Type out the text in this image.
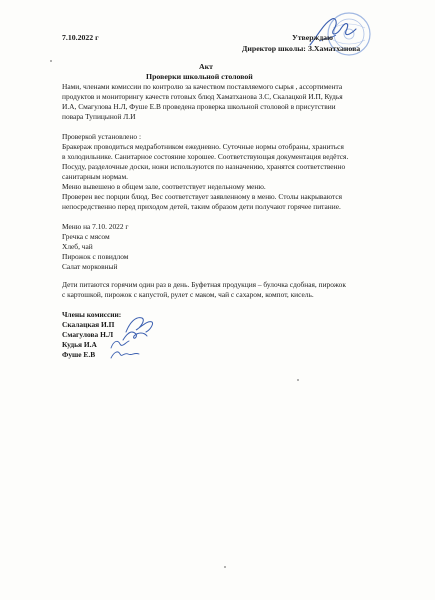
7.10.2022 г	Утверждаю
Директор школы: З.Хаматханова
Акт
Проверки школьной столовой
Нами, членами комиссии по контролю за качеством поставляемого сырья , ассортимента
продуктов и мониторингу качеств готовых блюд Хаматханова З.С, Скалацкой И.П, Кудья
И.А, Смагулова Н.Л, Фуше Е.В проведена проверка школьной столовой в присутствии
повара Тупицыной Л.И
Проверкой установлено :
Бракераж проводиться медработником ежедневно. Суточные нормы отобраны, храниться
в холодильнике. Санитарное состояние хорошее. Соответствующая документация ведётся.
Посуду, разделочные доски, ножи используются по назначению, хранятся соответственно
санитарным нормам.
Меню вывешено в общем зале, соответствует недельному меню.
Проверен вес порции блюд. Вес соответствует заявленному в меню. Столы накрываются
непосредственно перед приходом детей, таким образом дети получают горячее питание.
Меню на 7.10. 2022 г
Гречка с мясом
Хлеб, чай
Пирожок с повидлом
Салат морковный
Дети питаются горячим один раз в день. Буфетная продукция – булочка сдобная, пирожок
с картошкой, пирожок с капустой, рулет с маком, чай с сахаром, компот, кисель.
Члены комиссии:
Скалацкая И.П
Смагулова Н.Л
Кудья И.А
Фуше Е.В
